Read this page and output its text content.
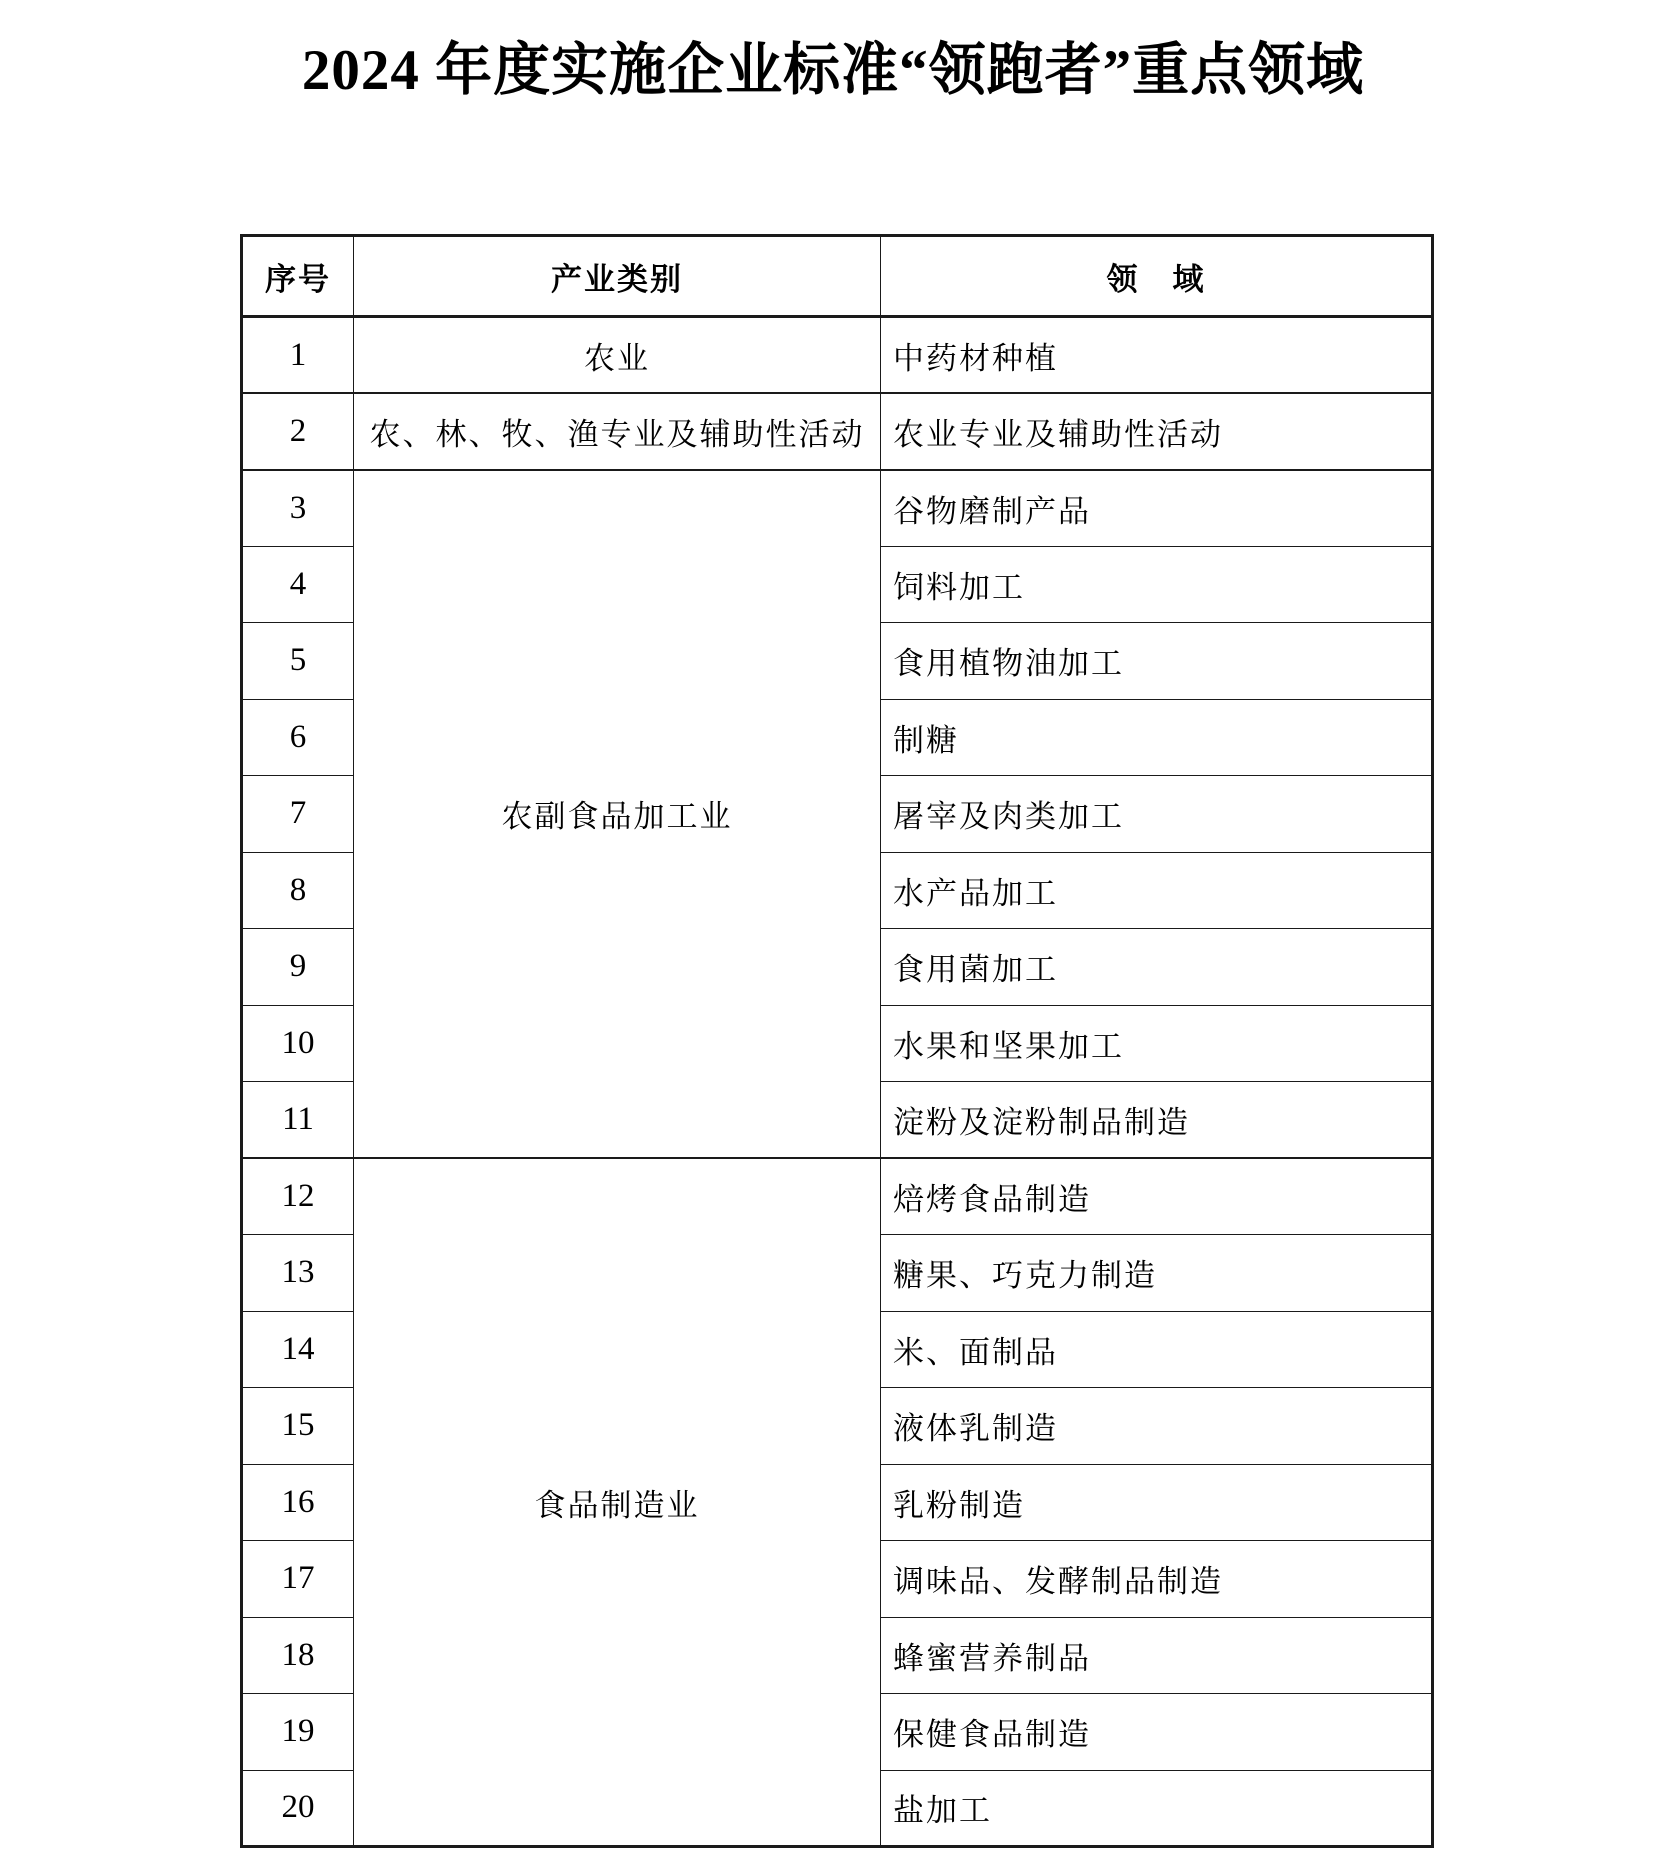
2024 年度实施企业标准“领跑者”重点领域
序号	产业类别	领　域
1	农业	中药材种植
2	农、林、牧、渔专业及辅助性活动	农业专业及辅助性活动
3	农副食品加工业	谷物磨制产品
4		饲料加工
5		食用植物油加工
6		制糖
7		屠宰及肉类加工
8		水产品加工
9		食用菌加工
10		水果和坚果加工
11		淀粉及淀粉制品制造
12	食品制造业	焙烤食品制造
13		糖果、巧克力制造
14		米、面制品
15		液体乳制造
16		乳粉制造
17		调味品、发酵制品制造
18		蜂蜜营养制品
19		保健食品制造
20		盐加工
